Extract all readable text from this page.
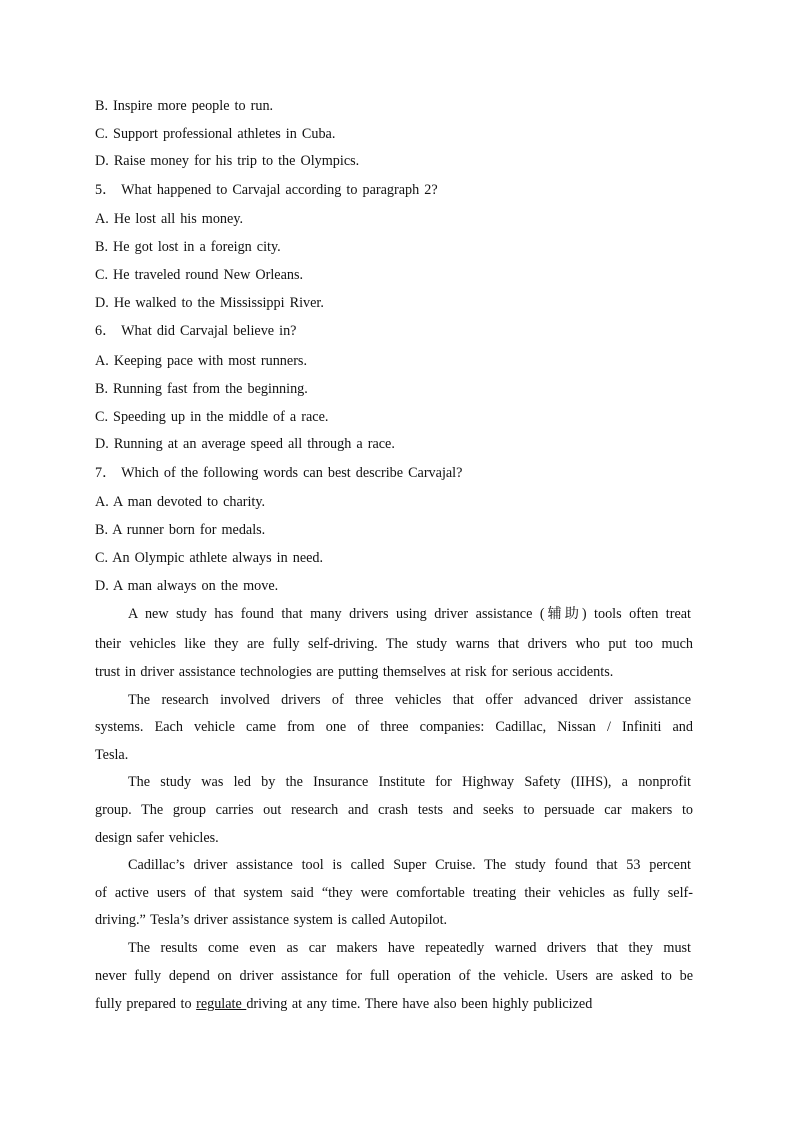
B. Inspire more people to run.
C. Support professional athletes in Cuba.
D. Raise money for his trip to the Olympics.
5． What happened to Carvajal according to paragraph 2?
A. He lost all his money.
B. He got lost in a foreign city.
C. He traveled round New Orleans.
D. He walked to the Mississippi River.
6． What did Carvajal believe in?
A. Keeping pace with most runners.
B. Running fast from the beginning.
C. Speeding up in the middle of a race.
D. Running at an average speed all through a race.
7． Which of the following words can best describe Carvajal?
A. A man devoted to charity.
B. A runner born for medals.
C. An Olympic athlete always in need.
D. A man always on the move.
A new study has found that many drivers using driver assistance (辅助) tools often treat
their vehicles like they are fully self-driving. The study warns that drivers who put too much
trust in driver assistance technologies are putting themselves at risk for serious accidents.
The research involved drivers of three vehicles that offer advanced driver assistance
systems. Each vehicle came from one of three companies: Cadillac, Nissan / Infiniti and
Tesla.
The study was led by the Insurance Institute for Highway Safety (IIHS), a nonprofit
group. The group carries out research and crash tests and seeks to persuade car makers to
design safer vehicles.
Cadillac’s driver assistance tool is called Super Cruise. The study found that 53 percent
of active users of that system said “they were comfortable treating their vehicles as fully self-
driving.” Tesla’s driver assistance system is called Autopilot.
The results come even as car makers have repeatedly warned drivers that they must
never fully depend on driver assistance for full operation of the vehicle. Users are asked to be
fully prepared to regulate driving at any time. There have also been highly publicized
